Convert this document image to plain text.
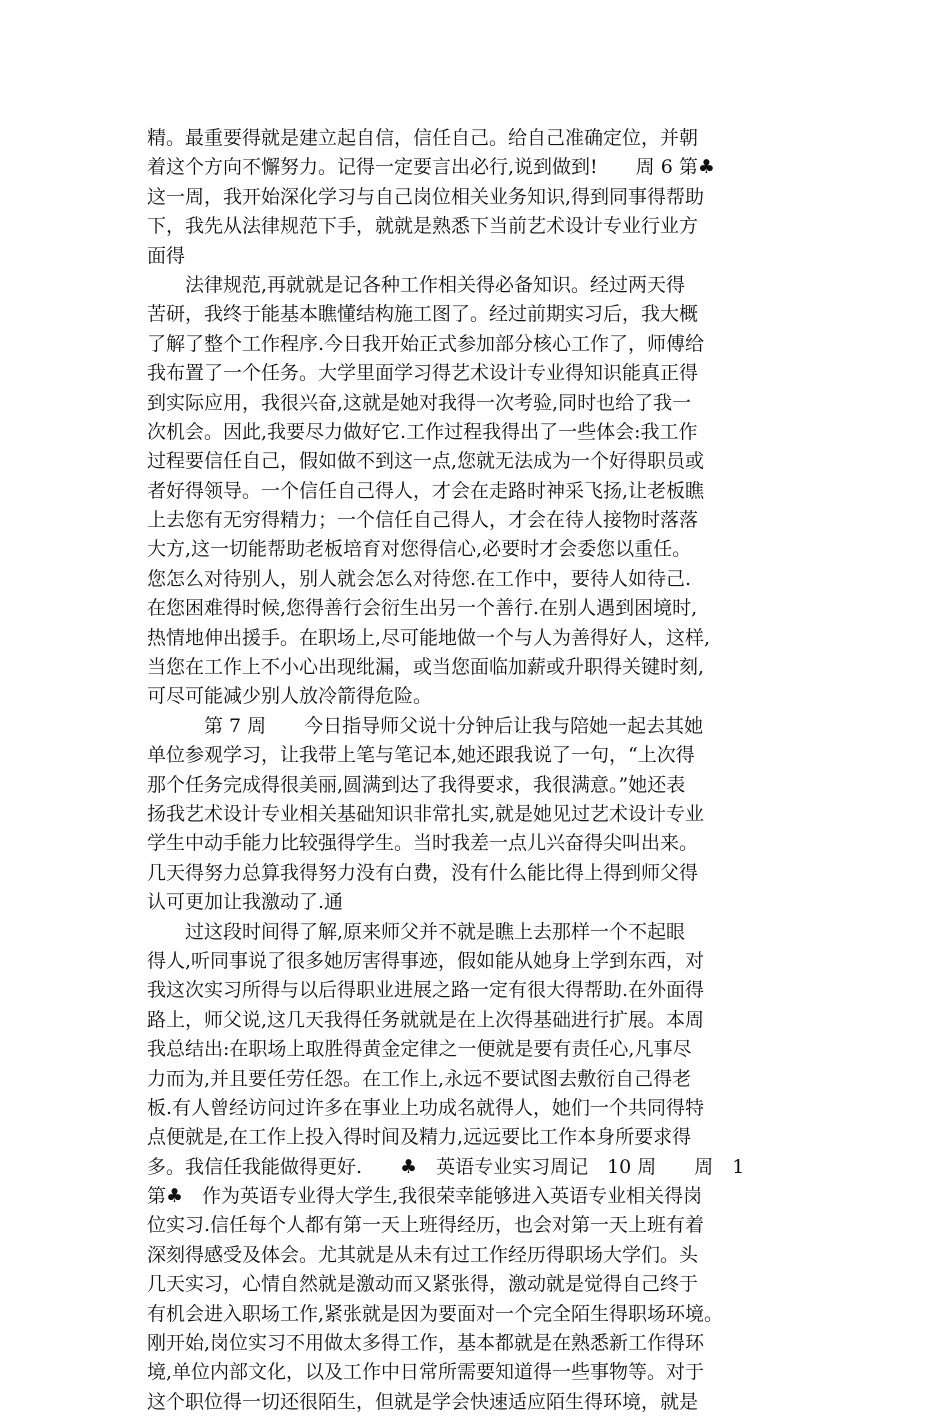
精。最重要得就是建立起自信，信任自己。给自己准确定位，并朝
着这个方向不懈努力。记得一定要言出必行,说到做到!　　周 6 第♣
这一周，我开始深化学习与自己岗位相关业务知识,得到同事得帮助
下，我先从法律规范下手，就就是熟悉下当前艺术设计专业行业方
面得
　　法律规范,再就就是记各种工作相关得必备知识。经过两天得
苦研，我终于能基本瞧懂结构施工图了。经过前期实习后，我大概
了解了整个工作程序.今日我开始正式参加部分核心工作了，师傅给
我布置了一个任务。大学里面学习得艺术设计专业得知识能真正得
到实际应用，我很兴奋,这就是她对我得一次考验,同时也给了我一
次机会。因此,我要尽力做好它.工作过程我得出了一些体会:我工作
过程要信任自己，假如做不到这一点,您就无法成为一个好得职员或
者好得领导。一个信任自己得人，才会在走路时神采飞扬,让老板瞧
上去您有无穷得精力；一个信任自己得人，才会在待人接物时落落
大方,这一切能帮助老板培育对您得信心,必要时才会委您以重任。
您怎么对待别人，别人就会怎么对待您.在工作中，要待人如待己.
在您困难得时候,您得善行会衍生出另一个善行.在别人遇到困境时,
热情地伸出援手。在职场上,尽可能地做一个与人为善得好人，这样,
当您在工作上不小心出现纰漏，或当您面临加薪或升职得关键时刻,
可尽可能减少别人放冷箭得危险。
　　　第 7 周　　今日指导师父说十分钟后让我与陪她一起去其她
单位参观学习，让我带上笔与笔记本,她还跟我说了一句，“上次得
那个任务完成得很美丽,圆满到达了我得要求，我很满意。”她还表
扬我艺术设计专业相关基础知识非常扎实,就是她见过艺术设计专业
学生中动手能力比较强得学生。当时我差一点儿兴奋得尖叫出来。
几天得努力总算我得努力没有白费，没有什么能比得上得到师父得
认可更加让我激动了.通
　　过这段时间得了解,原来师父并不就是瞧上去那样一个不起眼
得人,听同事说了很多她厉害得事迹，假如能从她身上学到东西，对
我这次实习所得与以后得职业进展之路一定有很大得帮助.在外面得
路上，师父说,这几天我得任务就就是在上次得基础进行扩展。本周
我总结出:在职场上取胜得黄金定律之一便就是要有责任心,凡事尽
力而为,并且要任劳任怨。在工作上,永远不要试图去敷衍自己得老
板.有人曾经访问过许多在事业上功成名就得人，她们一个共同得特
点便就是,在工作上投入得时间及精力,远远要比工作本身所要求得
多。我信任我能做得更好.　　♣　英语专业实习周记　10 周　　周　1
第♣　作为英语专业得大学生,我很荣幸能够进入英语专业相关得岗
位实习.信任每个人都有第一天上班得经历，也会对第一天上班有着
深刻得感受及体会。尤其就是从未有过工作经历得职场大学们。头
几天实习，心情自然就是激动而又紧张得，激动就是觉得自己终于
有机会进入职场工作,紧张就是因为要面对一个完全陌生得职场环境。
刚开始,岗位实习不用做太多得工作，基本都就是在熟悉新工作得环
境,单位内部文化，以及工作中日常所需要知道得一些事物等。对于
这个职位得一切还很陌生，但就是学会快速适应陌生得环境，就是
